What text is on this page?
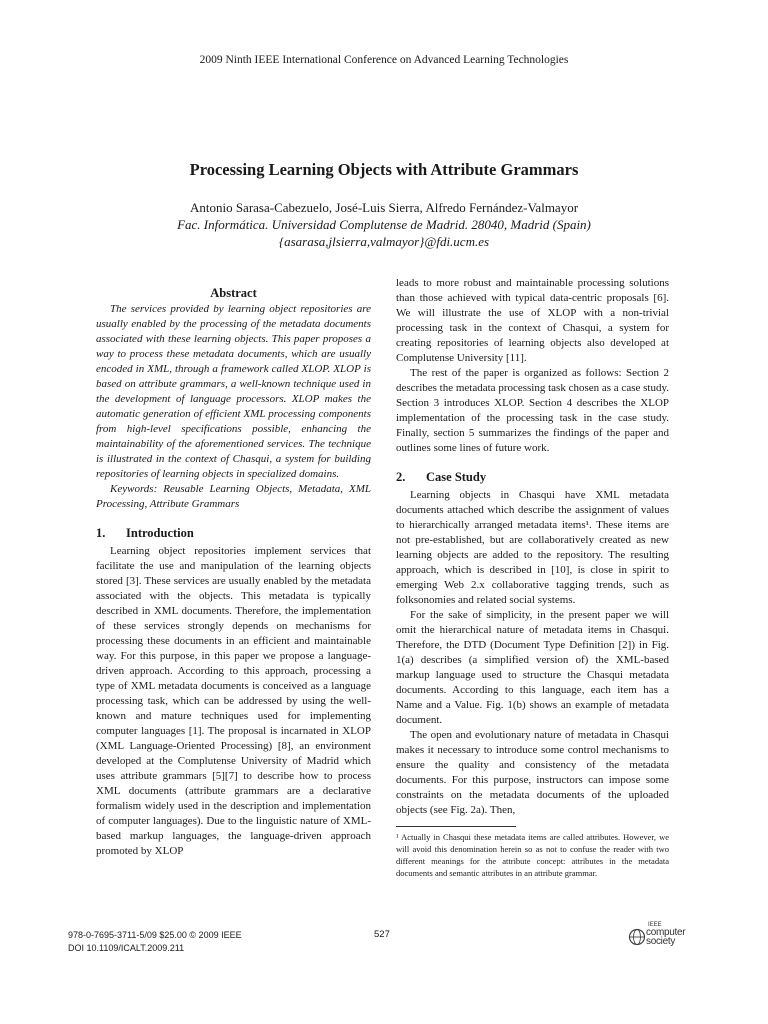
2009 Ninth IEEE International Conference on Advanced Learning Technologies
Processing Learning Objects with Attribute Grammars
Antonio Sarasa-Cabezuelo, José-Luis Sierra, Alfredo Fernández-Valmayor
Fac. Informática. Universidad Complutense de Madrid. 28040, Madrid (Spain)
{asarasa,jlsierra,valmayor}@fdi.ucm.es
Abstract

The services provided by learning object repositories are usually enabled by the processing of the metadata documents associated with these learning objects. This paper proposes a way to process these metadata documents, which are usually encoded in XML, through a framework called XLOP. XLOP is based on attribute grammars, a well-known technique used in the development of language processors. XLOP makes the automatic generation of efficient XML processing components from high-level specifications possible, enhancing the maintainability of the aforementioned services. The technique is illustrated in the context of Chasqui, a system for building repositories of learning objects in specialized domains.

Keywords: Reusable Learning Objects, Metadata, XML Processing, Attribute Grammars

1. Introduction

Learning object repositories implement services that facilitate the use and manipulation of the learning objects stored [3]. These services are usually enabled by the metadata associated with the objects. This metadata is typically described in XML documents. Therefore, the implementation of these services strongly depends on mechanisms for processing these documents in an efficient and maintainable way. For this purpose, in this paper we propose a language-driven approach. According to this approach, processing a type of XML metadata documents is conceived as a language processing task, which can be addressed by using the well-known and mature techniques used for implementing computer languages [1]. The proposal is incarnated in XLOP (XML Language-Oriented Processing) [8], an environment developed at the Complutense University of Madrid which uses attribute grammars [5][7] to describe how to process XML documents (attribute grammars are a declarative formalism widely used in the description and implementation of computer languages). Due to the linguistic nature of XML-based markup languages, the language-driven approach promoted by XLOP

leads to more robust and maintainable processing solutions than those achieved with typical data-centric proposals [6]. We will illustrate the use of XLOP with a non-trivial processing task in the context of Chasqui, a system for creating repositories of learning objects also developed at Complutense University [11].

The rest of the paper is organized as follows: Section 2 describes the metadata processing task chosen as a case study. Section 3 introduces XLOP. Section 4 describes the XLOP implementation of the processing task in the case study. Finally, section 5 summarizes the findings of the paper and outlines some lines of future work.

2. Case Study

Learning objects in Chasqui have XML metadata documents attached which describe the assignment of values to hierarchically arranged metadata items¹. These items are not pre-established, but are collaboratively created as new learning objects are added to the repository. The resulting approach, which is described in [10], is close in spirit to emerging Web 2.x collaborative tagging trends, such as folksonomies and related social systems.

For the sake of simplicity, in the present paper we will omit the hierarchical nature of metadata items in Chasqui. Therefore, the DTD (Document Type Definition [2]) in Fig. 1(a) describes (a simplified version of) the XML-based markup language used to structure the Chasqui metadata documents. According to this language, each item has a Name and a Value. Fig. 1(b) shows an example of metadata document.

The open and evolutionary nature of metadata in Chasqui makes it necessary to introduce some control mechanisms to ensure the quality and consistency of the metadata documents. For this purpose, instructors can impose some constraints on the metadata documents of the uploaded objects (see Fig. 2a). Then,

¹ Actually in Chasqui these metadata items are called attributes. However, we will avoid this denomination herein so as not to confuse the reader with two different meanings for the attribute concept: attributes in the metadata documents and semantic attributes in an attribute grammar.
978-0-7695-3711-5/09 $25.00 © 2009 IEEE
DOI 10.1109/ICALT.2009.211
527
IEEE
computer
society
